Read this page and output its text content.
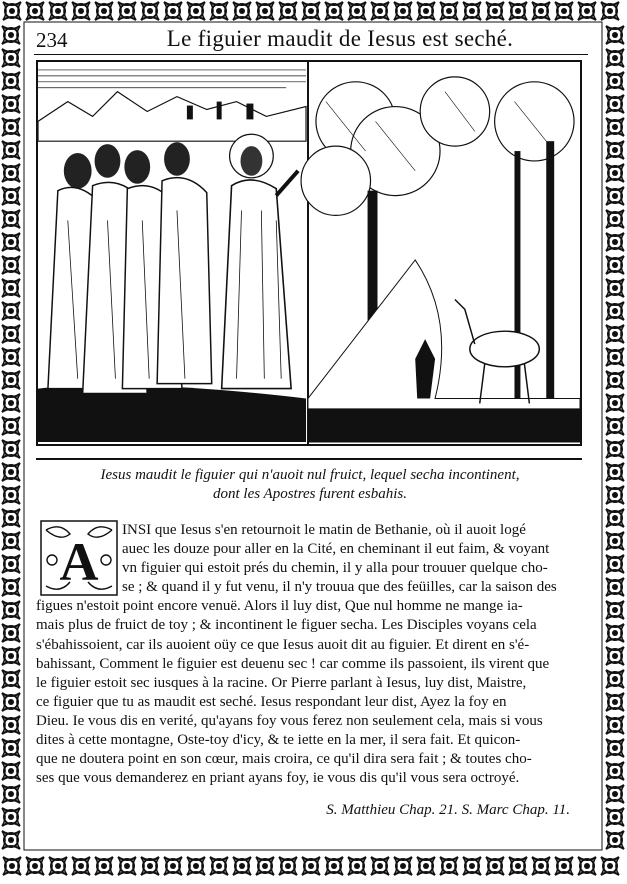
234	Le figuier maudit de Iesus est seché.
Iesus maudit le figuier qui n'auoit nul fruict, lequel secha incontinent,
dont les Apostres furent esbahis.
A
INSI que Iesus s'en retournoit le matin de Bethanie, où il auoit logé
auec les douze pour aller en la Cité, en cheminant il eut faim, & voyant
vn figuier qui estoit prés du chemin, il y alla pour trouuer quelque cho-
se ; & quand il y fut venu, il n'y trouua que des feüilles, car la saison des
figues n'estoit point encore venuë. Alors il luy dist, Que nul homme ne mange ia-
mais plus de fruict de toy ; & incontinent le figuer secha. Les Disciples voyans cela
s'ébahissoient, car ils auoient oüy ce que Iesus auoit dit au figuier. Et dirent en s'é-
bahissant, Comment le figuier est deuenu sec ! car comme ils passoient, ils virent que
le figuier estoit sec iusques à la racine. Or Pierre parlant à Iesus, luy dist, Maistre,
ce figuier que tu as maudit est seché. Iesus respondant leur dist, Ayez la foy en
Dieu. Ie vous dis en verité, qu'ayans foy vous ferez non seulement cela, mais si vous
dites à cette montagne, Oste-toy d'icy, & te iette en la mer, il sera fait. Et quicon-
que ne doutera point en son cœur, mais croira, ce qu'il dira sera fait ; & toutes cho-
ses que vous demanderez en priant ayans foy, ie vous dis qu'il vous sera octroyé.
S. Matthieu Chap. 21. S. Marc Chap. 11.
